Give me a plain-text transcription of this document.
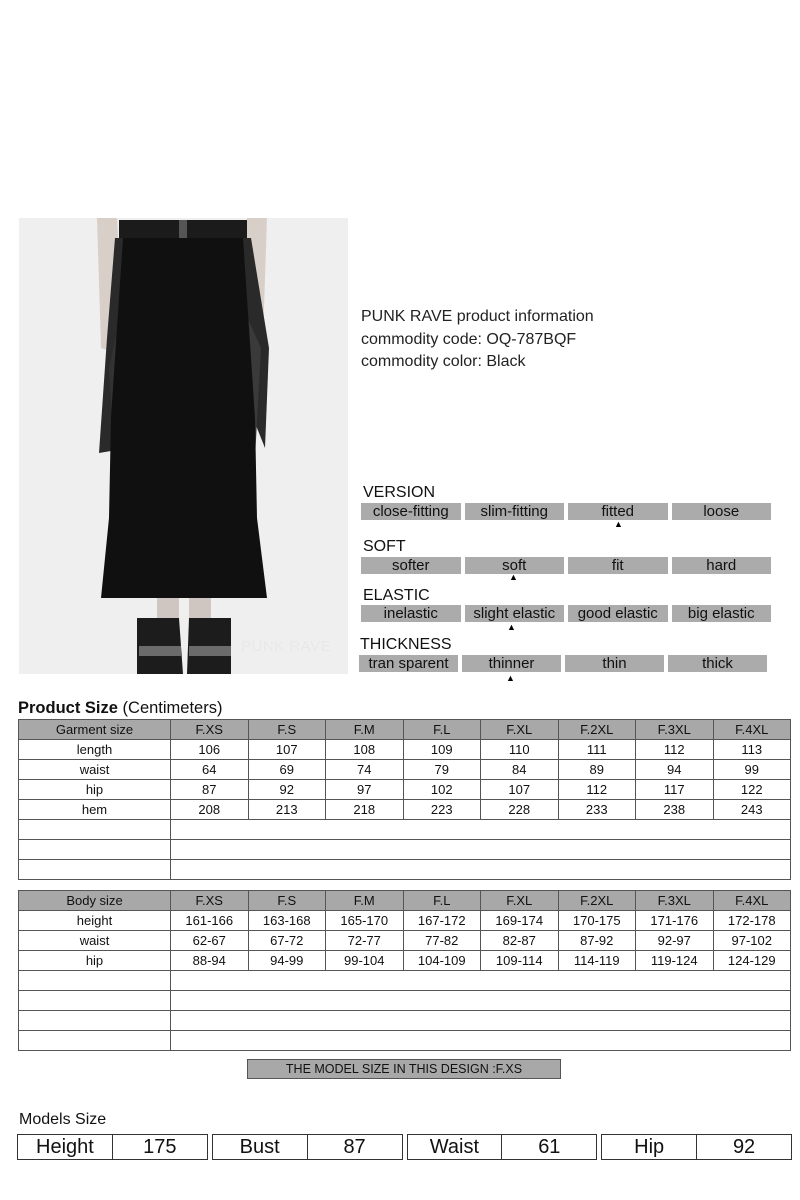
PUNK RAVE
PUNK RAVE product information
commodity code: OQ-787BQF
commodity color: Black
VERSION
close-fitting	slim-fitting	fitted	loose
▲
SOFT
softer	soft	fit	hard
▲
ELASTIC
inelastic	slight elastic	good elastic	big elastic
▲
THICKNESS
tran sparent	thinner	thin	thick
▲
Product Size (Centimeters)
Garment size	F.XS	F.S	F.M	F.L	F.XL	F.2XL	F.3XL	F.4XL
length	106	107	108	109	110	111	112	113
waist	64	69	74	79	84	89	94	99
hip	87	92	97	102	107	112	117	122
hem	208	213	218	223	228	233	238	243

Body size	F.XS	F.S	F.M	F.L	F.XL	F.2XL	F.3XL	F.4XL
height	161-166	163-168	165-170	167-172	169-174	170-175	171-176	172-178
waist	62-67	67-72	72-77	77-82	82-87	87-92	92-97	97-102
hip	88-94	94-99	99-104	104-109	109-114	114-119	119-124	124-129

THE MODEL SIZE IN THIS DESIGN :F.XS
Models Size
Height	175	Bust	87	Waist	61	Hip	92
